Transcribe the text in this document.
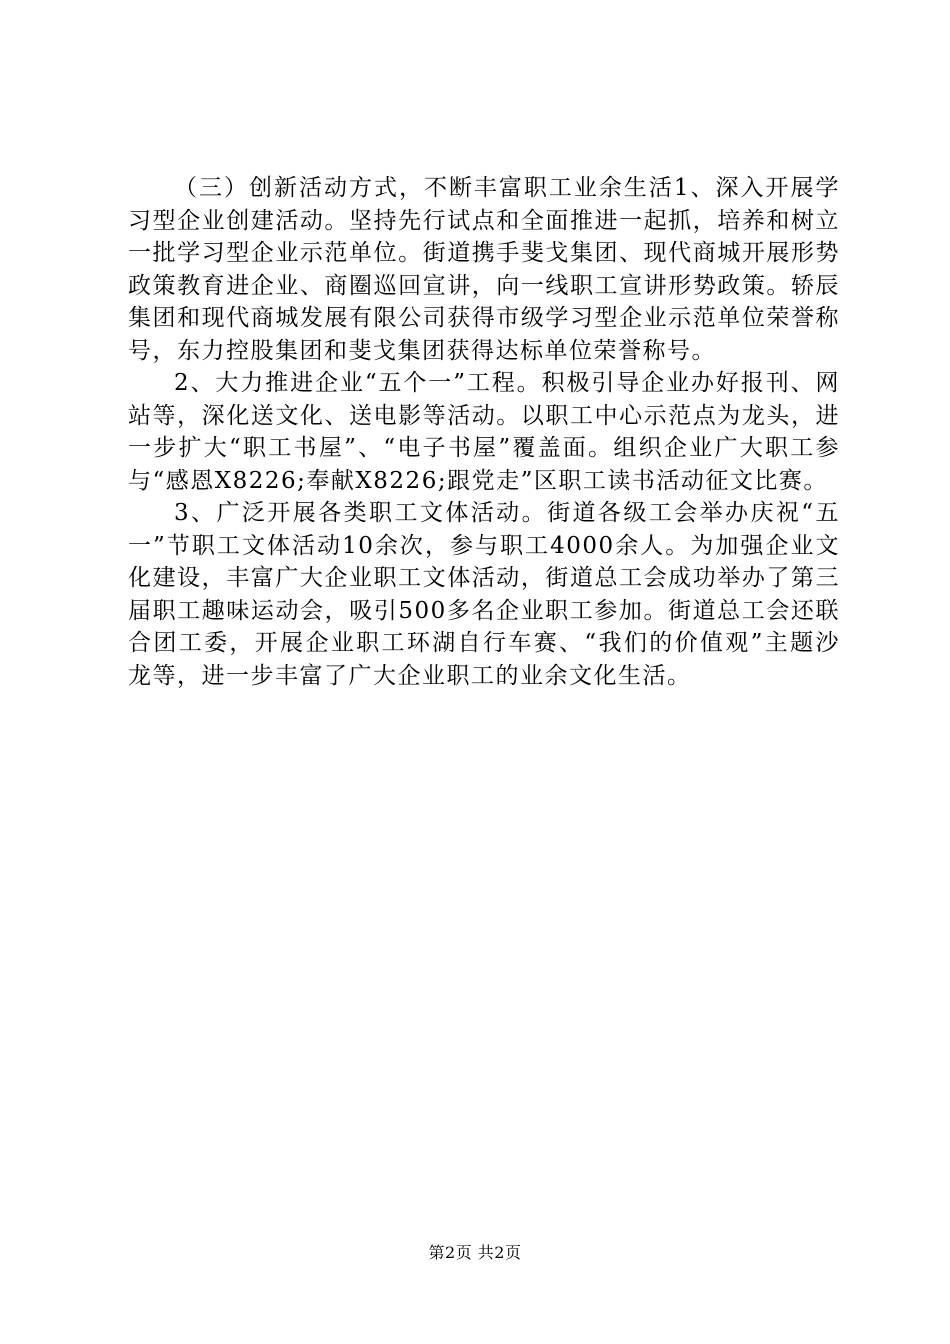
（三）创新活动方式，不断丰富职工业余生活1、深入开展学习型企业创建活动。坚持先行试点和全面推进一起抓，培养和树立一批学习型企业示范单位。街道携手斐戈集团、现代商城开展形势政策教育进企业、商圈巡回宣讲，向一线职工宣讲形势政策。轿辰集团和现代商城发展有限公司获得市级学习型企业示范单位荣誉称号，东力控股集团和斐戈集团获得达标单位荣誉称号。

2、大力推进企业“五个一”工程。积极引导企业办好报刊、网站等，深化送文化、送电影等活动。以职工中心示范点为龙头，进一步扩大“职工书屋”、“电子书屋”覆盖面。组织企业广大职工参与“感恩X8226;奉献X8226;跟党走”区职工读书活动征文比赛。

3、广泛开展各类职工文体活动。街道各级工会举办庆祝“五一”节职工文体活动10余次，参与职工4000余人。为加强企业文化建设，丰富广大企业职工文体活动，街道总工会成功举办了第三届职工趣味运动会，吸引500多名企业职工参加。街道总工会还联合团工委，开展企业职工环湖自行车赛、“我们的价值观”主题沙龙等，进一步丰富了广大企业职工的业余文化生活。

第2页 共2页
